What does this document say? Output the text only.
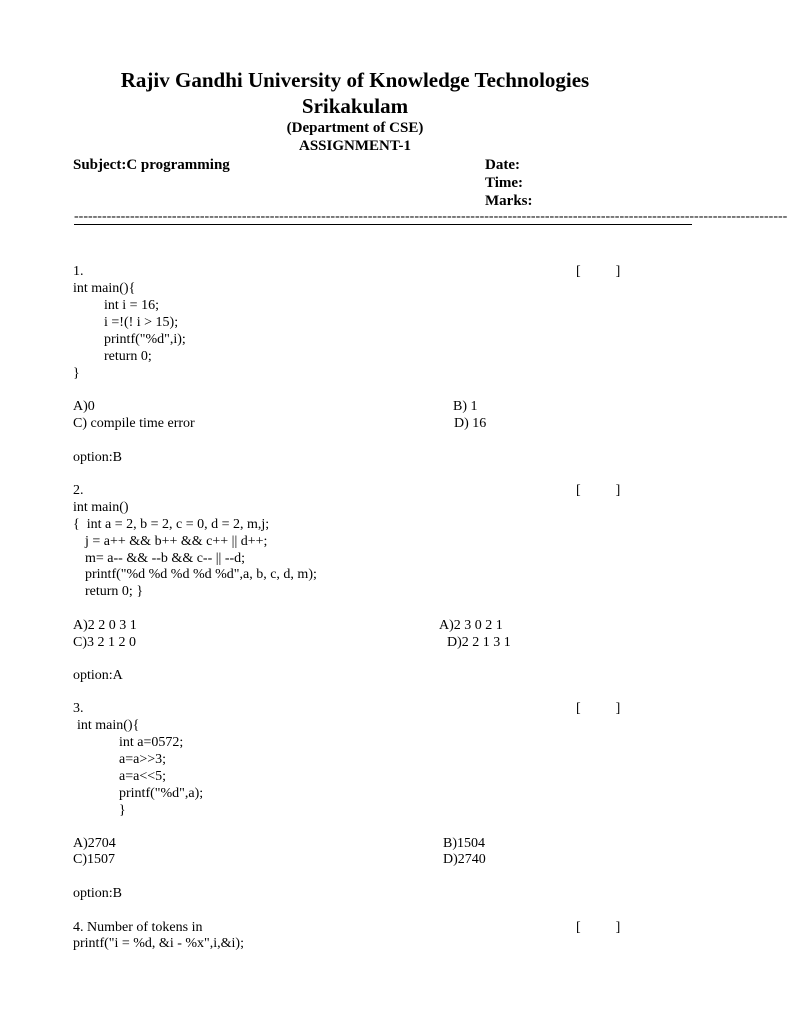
Rajiv Gandhi University of Knowledge Technologies
Srikakulam
(Department of CSE)
ASSIGNMENT-1
Subject:C programming	Date:
Time:
Marks:
---------------------------------------------------------------------------------------------------------------------------------------------------------
1.	[          ]
int main(){
int i = 16;
i =!(! i > 15);
printf("%d",i);
return 0;
}
A)0	B) 1
C) compile time error	D) 16
option:B
2.	[          ]
int main()
{  int a = 2, b = 2, c = 0, d = 2, m,j;
j = a++ && b++ && c++ || d++;
m= a-- && --b && c-- || --d;
printf("%d %d %d %d %d",a, b, c, d, m);
return 0; }
A)2 2 0 3 1	A)2 3 0 2 1
C)3 2 1 2 0	D)2 2 1 3 1
option:A
3.	[          ]
int main(){
int a=0572;
a=a>>3;
a=a<<5;
printf("%d",a);
}
A)2704	B)1504
C)1507	D)2740
option:B
4. Number of tokens in	[          ]
printf("i = %d, &i - %x",i,&i);
